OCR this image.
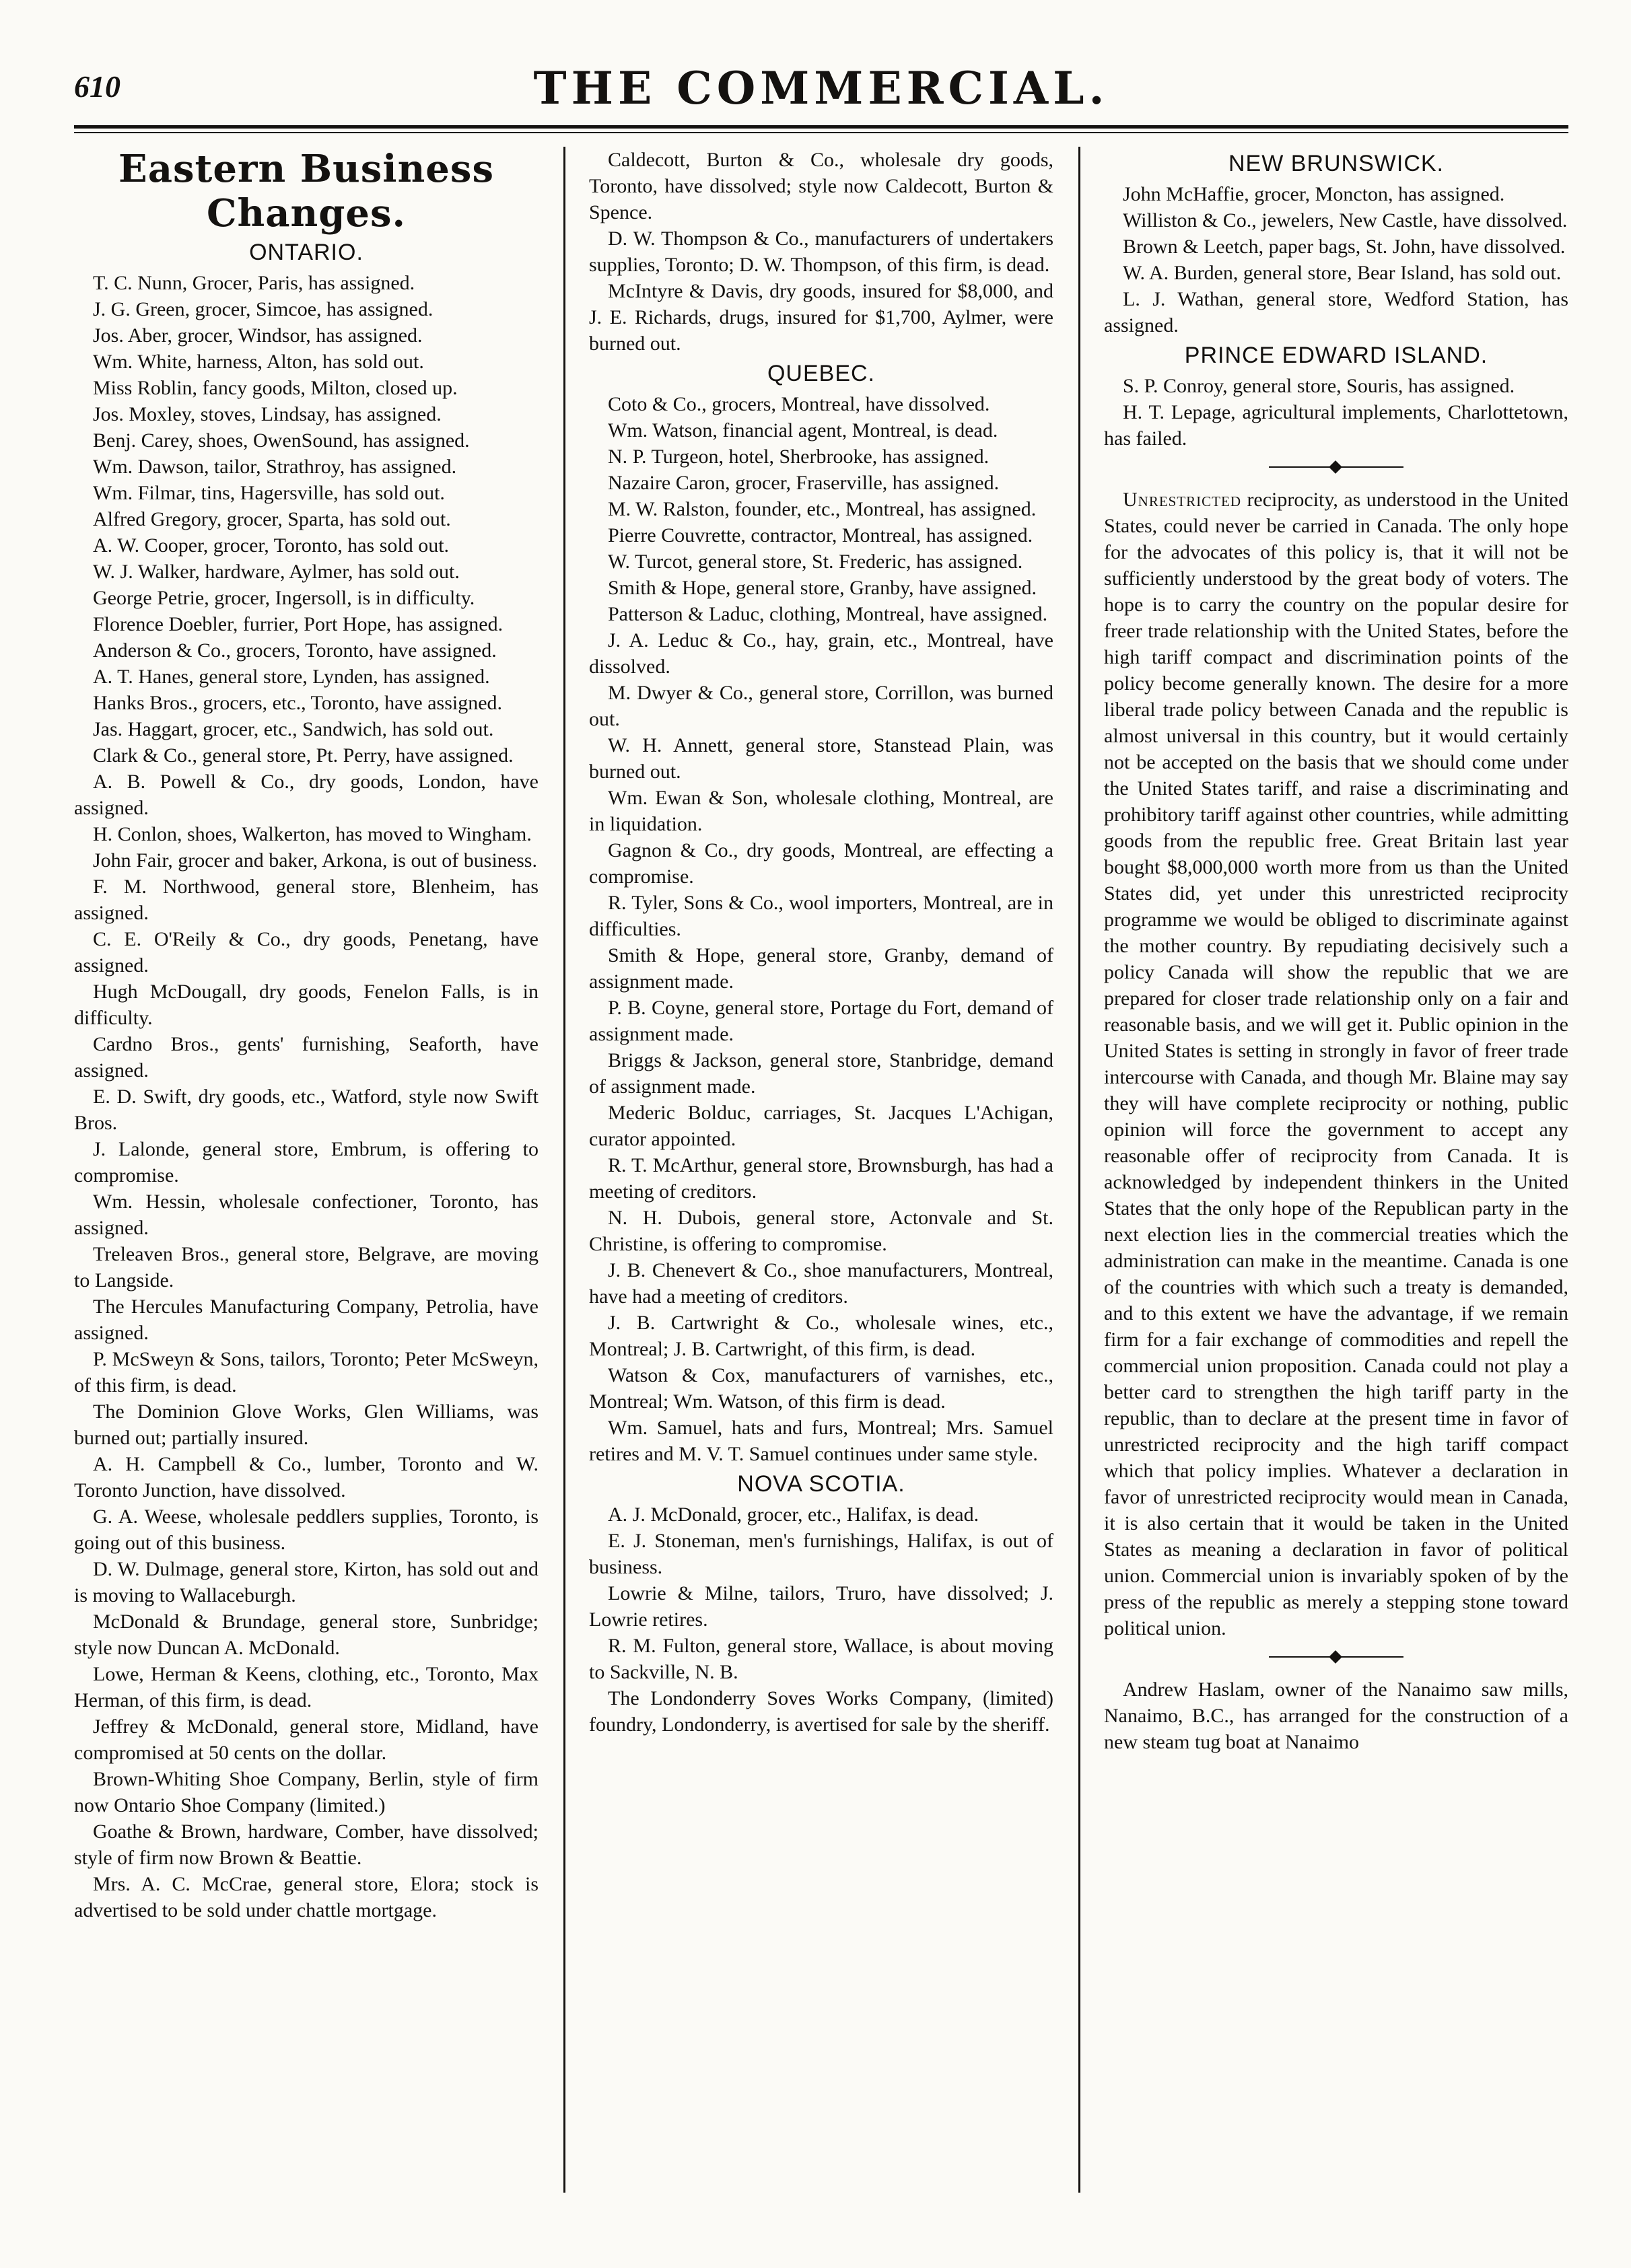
610	THE COMMERCIAL.
Eastern Business Changes.
ONTARIO.

T. C. Nunn, Grocer, Paris, has assigned.

J. G. Green, grocer, Simcoe, has assigned.

Jos. Aber, grocer, Windsor, has assigned.

Wm. White, harness, Alton, has sold out.

Miss Roblin, fancy goods, Milton, closed up.

Jos. Moxley, stoves, Lindsay, has assigned.

Benj. Carey, shoes, OwenSound, has assigned.

Wm. Dawson, tailor, Strathroy, has assigned.

Wm. Filmar, tins, Hagersville, has sold out.

Alfred Gregory, grocer, Sparta, has sold out.

A. W. Cooper, grocer, Toronto, has sold out.

W. J. Walker, hardware, Aylmer, has sold out.

George Petrie, grocer, Ingersoll, is in difficulty.

Florence Doebler, furrier, Port Hope, has assigned.

Anderson & Co., grocers, Toronto, have assigned.

A. T. Hanes, general store, Lynden, has assigned.

Hanks Bros., grocers, etc., Toronto, have assigned.

Jas. Haggart, grocer, etc., Sandwich, has sold out.

Clark & Co., general store, Pt. Perry, have assigned.

A. B. Powell & Co., dry goods, London, have assigned.

H. Conlon, shoes, Walkerton, has moved to Wingham.

John Fair, grocer and baker, Arkona, is out of business.

F. M. Northwood, general store, Blenheim, has assigned.

C. E. O'Reily & Co., dry goods, Penetang, have assigned.

Hugh McDougall, dry goods, Fenelon Falls, is in difficulty.

Cardno Bros., gents' furnishing, Seaforth, have assigned.

E. D. Swift, dry goods, etc., Watford, style now Swift Bros.

J. Lalonde, general store, Embrum, is offering to compromise.

Wm. Hessin, wholesale confectioner, Toronto, has assigned.

Treleaven Bros., general store, Belgrave, are moving to Langside.

The Hercules Manufacturing Company, Petrolia, have assigned.

P. McSweyn & Sons, tailors, Toronto; Peter McSweyn, of this firm, is dead.

The Dominion Glove Works, Glen Williams, was burned out; partially insured.

A. H. Campbell & Co., lumber, Toronto and W. Toronto Junction, have dissolved.

G. A. Weese, wholesale peddlers supplies, Toronto, is going out of this business.

D. W. Dulmage, general store, Kirton, has sold out and is moving to Wallaceburgh.

McDonald & Brundage, general store, Sunbridge; style now Duncan A. McDonald.

Lowe, Herman & Keens, clothing, etc., Toronto, Max Herman, of this firm, is dead.

Jeffrey & McDonald, general store, Midland, have compromised at 50 cents on the dollar.

Brown-Whiting Shoe Company, Berlin, style of firm now Ontario Shoe Company (limited.)

Goathe & Brown, hardware, Comber, have dissolved; style of firm now Brown & Beattie.

Mrs. A. C. McCrae, general store, Elora; stock is advertised to be sold under chattle mortgage.

Caldecott, Burton & Co., wholesale dry goods, Toronto, have dissolved; style now Caldecott, Burton & Spence.

D. W. Thompson & Co., manufacturers of undertakers supplies, Toronto; D. W. Thompson, of this firm, is dead.

McIntyre & Davis, dry goods, insured for $8,000, and J. E. Richards, drugs, insured for $1,700, Aylmer, were burned out.

QUEBEC.

Coto & Co., grocers, Montreal, have dissolved.

Wm. Watson, financial agent, Montreal, is dead.

N. P. Turgeon, hotel, Sherbrooke, has assigned.

Nazaire Caron, grocer, Fraserville, has assigned.

M. W. Ralston, founder, etc., Montreal, has assigned.

Pierre Couvrette, contractor, Montreal, has assigned.

W. Turcot, general store, St. Frederic, has assigned.

Smith & Hope, general store, Granby, have assigned.

Patterson & Laduc, clothing, Montreal, have assigned.

J. A. Leduc & Co., hay, grain, etc., Montreal, have dissolved.

M. Dwyer & Co., general store, Corrillon, was burned out.

W. H. Annett, general store, Stanstead Plain, was burned out.

Wm. Ewan & Son, wholesale clothing, Montreal, are in liquidation.

Gagnon & Co., dry goods, Montreal, are effecting a compromise.

R. Tyler, Sons & Co., wool importers, Montreal, are in difficulties.

Smith & Hope, general store, Granby, demand of assignment made.

P. B. Coyne, general store, Portage du Fort, demand of assignment made.

Briggs & Jackson, general store, Stanbridge, demand of assignment made.

Mederic Bolduc, carriages, St. Jacques L'Achigan, curator appointed.

R. T. McArthur, general store, Brownsburgh, has had a meeting of creditors.

N. H. Dubois, general store, Actonvale and St. Christine, is offering to compromise.

J. B. Chenevert & Co., shoe manufacturers, Montreal, have had a meeting of creditors.

J. B. Cartwright & Co., wholesale wines, etc., Montreal; J. B. Cartwright, of this firm, is dead.

Watson & Cox, manufacturers of varnishes, etc., Montreal; Wm. Watson, of this firm is dead.

Wm. Samuel, hats and furs, Montreal; Mrs. Samuel retires and M. V. T. Samuel continues under same style.

NOVA SCOTIA.

A. J. McDonald, grocer, etc., Halifax, is dead.

E. J. Stoneman, men's furnishings, Halifax, is out of business.

Lowrie & Milne, tailors, Truro, have dissolved; J. Lowrie retires.

R. M. Fulton, general store, Wallace, is about moving to Sackville, N. B.

The Londonderry Soves Works Company, (limited) foundry, Londonderry, is avertised for sale by the sheriff.

NEW BRUNSWICK.

John McHaffie, grocer, Moncton, has assigned.

Williston & Co., jewelers, New Castle, have dissolved.

Brown & Leetch, paper bags, St. John, have dissolved.

W. A. Burden, general store, Bear Island, has sold out.

L. J. Wathan, general store, Wedford Station, has assigned.

PRINCE EDWARD ISLAND.

S. P. Conroy, general store, Souris, has assigned.

H. T. Lepage, agricultural implements, Charlottetown, has failed.

Unrestricted reciprocity, as understood in the United States, could never be carried in Canada. The only hope for the advocates of this policy is, that it will not be sufficiently understood by the great body of voters. The hope is to carry the country on the popular desire for freer trade relationship with the United States, before the high tariff compact and discrimination points of the policy become generally known. The desire for a more liberal trade policy between Canada and the republic is almost universal in this country, but it would certainly not be accepted on the basis that we should come under the United States tariff, and raise a discriminating and prohibitory tariff against other countries, while admitting goods from the republic free. Great Britain last year bought $8,000,000 worth more from us than the United States did, yet under this unrestricted reciprocity programme we would be obliged to discriminate against the mother country. By repudiating decisively such a policy Canada will show the republic that we are prepared for closer trade relationship only on a fair and reasonable basis, and we will get it. Public opinion in the United States is setting in strongly in favor of freer trade intercourse with Canada, and though Mr. Blaine may say they will have complete reciprocity or nothing, public opinion will force the government to accept any reasonable offer of reciprocity from Canada. It is acknowledged by independent thinkers in the United States that the only hope of the Republican party in the next election lies in the commercial treaties which the administration can make in the meantime. Canada is one of the countries with which such a treaty is demanded, and to this extent we have the advantage, if we remain firm for a fair exchange of commodities and repell the commercial union proposition. Canada could not play a better card to strengthen the high tariff party in the republic, than to declare at the present time in favor of unrestricted reciprocity and the high tariff compact which that policy implies. Whatever a declaration in favor of unrestricted reciprocity would mean in Canada, it is also certain that it would be taken in the United States as meaning a declaration in favor of political union. Commercial union is invariably spoken of by the press of the republic as merely a stepping stone toward political union.

Andrew Haslam, owner of the Nanaimo saw mills, Nanaimo, B.C., has arranged for the construction of a new steam tug boat at Nanaimo
